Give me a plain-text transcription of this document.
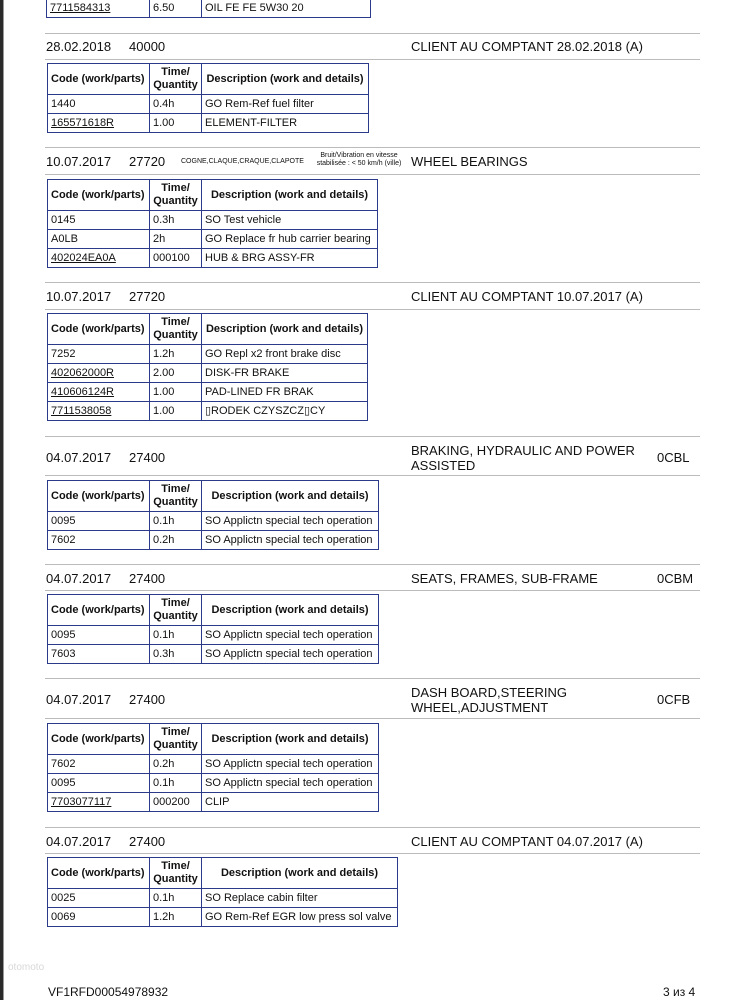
7711584313	6.50	OIL FE FE 5W30 20
28.02.2018 40000	CLIENT AU COMPTANT 28.02.2018 (A)
Code (work/parts)	Time/
Quantity	Description (work and details)
1440	0.4h	GO Rem-Ref fuel filter
165571618R	1.00	ELEMENT-FILTER
10.07.2017 27720 COGNE,CLAQUE,CRAQUE,CLAPOTE
Bruit/Vibration en vitesse stabilisée : < 50 km/h (ville) WHEEL BEARINGS
Code (work/parts)	Time/
Quantity	Description (work and details)
0145	0.3h	SO Test vehicle
A0LB	2h	GO Replace fr hub carrier bearing
402024EA0A	000100	HUB & BRG ASSY-FR
10.07.2017 27720	CLIENT AU COMPTANT 10.07.2017 (A)
Code (work/parts)	Time/
Quantity	Description (work and details)
7252	1.2h	GO Repl x2 front brake disc
402062000R	2.00	DISK-FR BRAKE
410606124R	1.00	PAD-LINED FR BRAK
7711538058	1.00	▯RODEK CZYSZCZ▯CY
04.07.2017 27400	BRAKING, HYDRAULIC AND POWER ASSISTED
0CBL
Code (work/parts)	Time/
Quantity	Description (work and details)
0095	0.1h	SO Applictn special tech operation
7602	0.2h	SO Applictn special tech operation
04.07.2017 27400	SEATS, FRAMES, SUB-FRAME	0CBM
Code (work/parts)	Time/
Quantity	Description (work and details)
0095	0.1h	SO Applictn special tech operation
7603	0.3h	SO Applictn special tech operation
04.07.2017 27400	DASH BOARD,STEERING WHEEL,ADJUSTMENT
0CFB
Code (work/parts)	Time/
Quantity	Description (work and details)
7602	0.2h	SO Applictn special tech operation
0095	0.1h	SO Applictn special tech operation
7703077117	000200	CLIP
04.07.2017 27400	CLIENT AU COMPTANT 04.07.2017 (A)
Code (work/parts)	Time/
Quantity	Description (work and details)
0025	0.1h	SO Replace cabin filter
0069	1.2h	GO Rem-Ref EGR low press sol valve
otomoto
VF1RFD00054978932	3 из 4
